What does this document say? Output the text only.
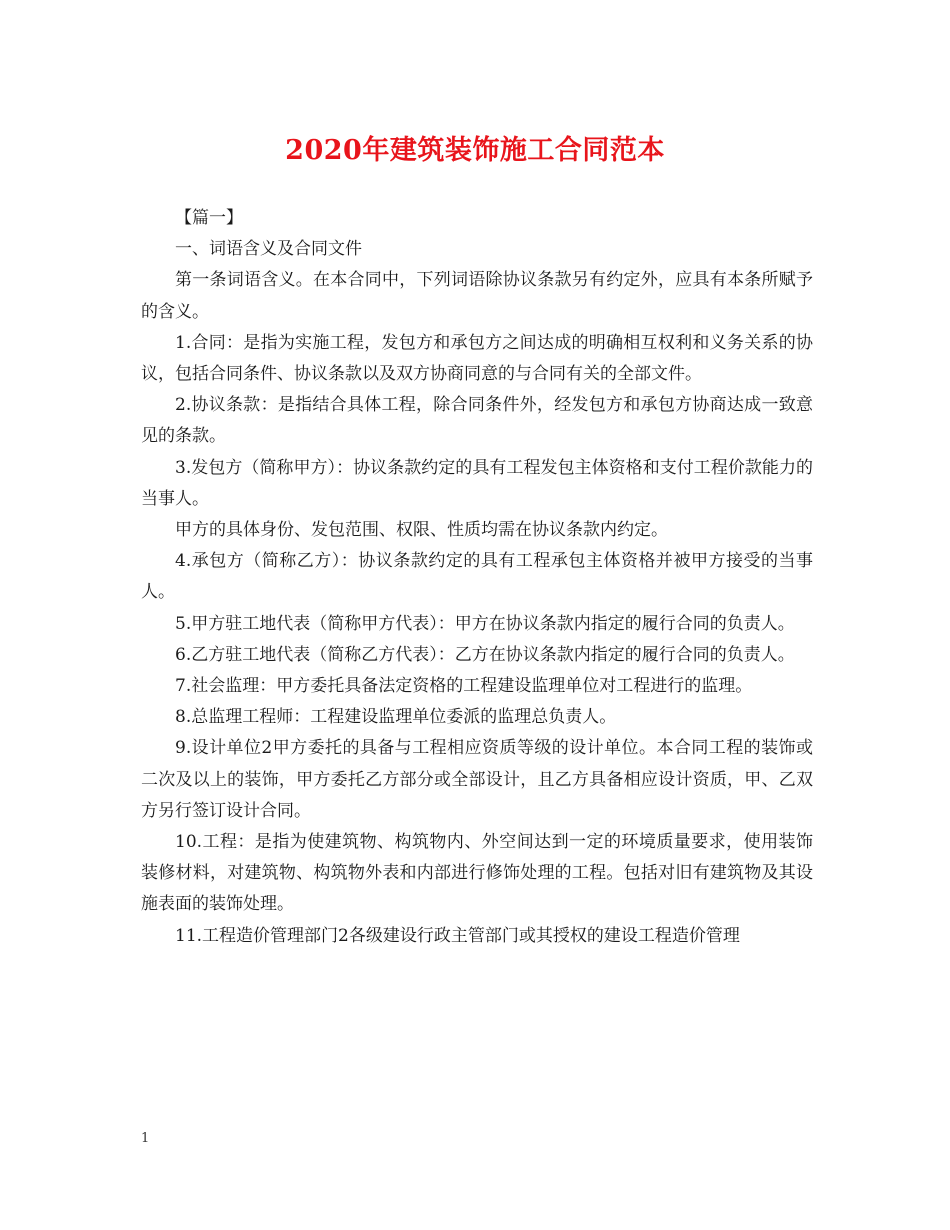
2020年建筑装饰施工合同范本

【篇一】

一、词语含义及合同文件

第一条词语含义。在本合同中，下列词语除协议条款另有约定外，应具有本条所赋予的含义。

1.合同：是指为实施工程，发包方和承包方之间达成的明确相互权利和义务关系的协议，包括合同条件、协议条款以及双方协商同意的与合同有关的全部文件。

2.协议条款：是指结合具体工程，除合同条件外，经发包方和承包方协商达成一致意见的条款。

3.发包方（简称甲方）：协议条款约定的具有工程发包主体资格和支付工程价款能力的当事人。

甲方的具体身份、发包范围、权限、性质均需在协议条款内约定。

4.承包方（简称乙方）：协议条款约定的具有工程承包主体资格并被甲方接受的当事人。

5.甲方驻工地代表（简称甲方代表）：甲方在协议条款内指定的履行合同的负责人。

6.乙方驻工地代表（简称乙方代表）：乙方在协议条款内指定的履行合同的负责人。

7.社会监理：甲方委托具备法定资格的工程建设监理单位对工程进行的监理。

8.总监理工程师：工程建设监理单位委派的监理总负责人。

9.设计单位2甲方委托的具备与工程相应资质等级的设计单位。本合同工程的装饰或二次及以上的装饰，甲方委托乙方部分或全部设计，且乙方具备相应设计资质，甲、乙双方另行签订设计合同。

10.工程：是指为使建筑物、构筑物内、外空间达到一定的环境质量要求，使用装饰装修材料，对建筑物、构筑物外表和内部进行修饰处理的工程。包括对旧有建筑物及其设施表面的装饰处理。

11.工程造价管理部门2各级建设行政主管部门或其授权的建设工程造价管理

1
